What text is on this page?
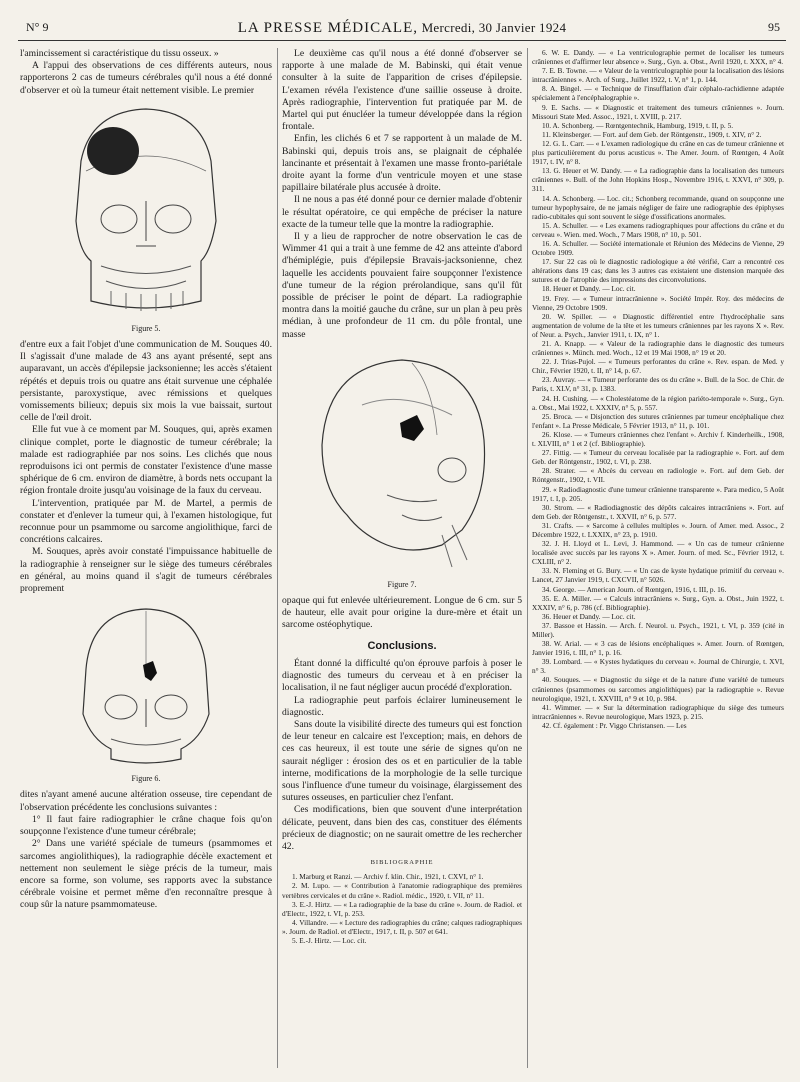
N° 9	LA PRESSE MÉDICALE, Mercredi, 30 Janvier 1924	95

l'amincissement si caractéristique du tissu osseux. »

A l'appui des observations de ces différents auteurs, nous rapporterons 2 cas de tumeurs cérébrales qu'il nous a été donné d'observer et où la tumeur était nettement visible. Le premier

Figure 5.

d'entre eux a fait l'objet d'une communication de M. Souques 40. Il s'agissait d'une malade de 43 ans ayant présenté, sept ans auparavant, un accès d'épilepsie jacksonienne; les accès s'étaient répétés et depuis trois ou quatre ans était survenue une céphalée persistante, paroxystique, avec rémissions et quelques vomissements bilieux; depuis six mois la vue baissait, surtout celle de l'œil droit.

Elle fut vue à ce moment par M. Souques, qui, après examen clinique complet, porte le diagnostic de tumeur cérébrale; la malade est radiographiée par nos soins. Les clichés que nous reproduisons ici ont permis de constater l'existence d'une masse sphérique de 6 cm. environ de diamètre, à bords nets occupant la région frontale droite jusqu'au voisinage de la faux du cerveau.

L'intervention, pratiquée par M. de Martel, a permis de constater et d'enlever la tumeur qui, à l'examen histologique, fut reconnue pour un psammome ou sarcome angiolithique, farci de concrétions calcaires.

M. Souques, après avoir constaté l'impuissance habituelle de la radiographie à renseigner sur le siège des tumeurs cérébrales en général, au moins quand il s'agit de tumeurs cérébrales proprement

Figure 6.

dites n'ayant amené aucune altération osseuse, tire cependant de l'observation précédente les conclusions suivantes :

1° Il faut faire radiographier le crâne chaque fois qu'on soupçonne l'existence d'une tumeur cérébrale;

2° Dans une variété spéciale de tumeurs (psammomes et sarcomes angiolithiques), la radiographie décèle exactement et nettement non seulement le siège précis de la tumeur, mais encore sa forme, son volume, ses rapports avec la substance cérébrale voisine et permet même d'en reconnaître presque à coup sûr la nature psammomateuse.

Le deuxième cas qu'il nous a été donné d'observer se rapporte à une malade de M. Babinski, qui était venue consulter à la suite de l'apparition de crises d'épilepsie. L'examen révéla l'existence d'une saillie osseuse à droite. Après radiographie, l'intervention fut pratiquée par M. de Martel qui put énucléer la tumeur développée dans la région frontale.

Enfin, les clichés 6 et 7 se rapportent à un malade de M. Babinski qui, depuis trois ans, se plaignait de céphalée lancinante et présentait à l'examen une masse fronto-pariétale droite ayant la forme d'un ventricule moyen et une stase papillaire bilatérale plus accusée à droite.

Il ne nous a pas été donné pour ce dernier malade d'obtenir le résultat opératoire, ce qui empêche de préciser la nature exacte de la tumeur telle que la montre la radiographie.

Il y a lieu de rapprocher de notre observation le cas de Wimmer 41 qui a trait à une femme de 42 ans atteinte d'abord d'hémiplégie, puis d'épilepsie Bravais-jacksonienne, chez laquelle les accidents pouvaient faire soupçonner l'existence d'une tumeur de la région prérolandique, sans qu'il fût possible de préciser le point de départ. La radiographie montra dans la moitié gauche du crâne, sur un plan à peu près médian, à une profondeur de 11 cm. du pôle frontal, une masse

Figure 7.

opaque qui fut enlevée ultérieurement. Longue de 6 cm. sur 5 de hauteur, elle avait pour origine la dure-mère et était un sarcome ostéophytique.

Conclusions.

Étant donné la difficulté qu'on éprouve parfois à poser le diagnostic des tumeurs du cerveau et à en préciser la localisation, il ne faut négliger aucun procédé d'exploration.

La radiographie peut parfois éclairer lumineusement le diagnostic.

Sans doute la visibilité directe des tumeurs qui est fonction de leur teneur en calcaire est l'exception; mais, en dehors de ces cas heureux, il est toute une série de signes qu'on ne saurait négliger : érosion des os et en particulier de la table interne, modifications de la morphologie de la selle turcique sous l'influence d'une tumeur du voisinage, élargissement des sutures osseuses, en particulier chez l'enfant.

Ces modifications, bien que souvent d'une interprétation délicate, peuvent, dans bien des cas, constituer des éléments précieux de diagnostic; on ne saurait omettre de les rechercher 42.

BIBLIOGRAPHIE
1. Marburg et Ranzi. — Archiv f. klin. Chir., 1921, t. CXVI, n° 1.
2. M. Lupo. — « Contribution à l'anatomie radiographique des premières vertèbres cervicales et du crâne ». Radiol. médic., 1920, t. VII, n° 11.
3. E.-J. Hirtz. — « La radiographie de la base du crâne ». Journ. de Radiol. et d'Electr., 1922, t. VI, p. 253.
4. Villandre. — « Lecture des radiographies du crâne; calques radiographiques ». Journ. de Radiol. et d'Electr., 1917, t. II, p. 507 et 641.
5. E.-J. Hirtz. — Loc. cit.
6. W. E. Dandy. — « La ventriculographie permet de localiser les tumeurs crâniennes et d'affirmer leur absence ». Surg., Gyn. a. Obst., Avril 1920, t. XXX, n° 4.
7. E. B. Towne. — « Valeur de la ventriculographie pour la localisation des lésions intracrâniennes ». Arch. of Surg., Juillet 1922, t. V, n° 1, p. 144.
8. A. Bingel. — « Technique de l'insufflation d'air céphalo-rachidienne adaptée spécialement à l'encéphalographie ».
9. E. Sachs. — « Diagnostic et traitement des tumeurs crâniennes ». Journ. Missouri State Med. Assoc., 1921, t. XVIII, p. 217.
10. A. Schonberg. — Rœntgentechnik, Hamburg, 1919, t. II, p. 5.
11. Kleinsberger. — Fort. auf dem Geb. der Röntgenstr., 1909, t. XIV, n° 2.
12. G. L. Carr. — « L'examen radiologique du crâne en cas de tumeur crânienne et plus particulièrement du porus acusticus ». The Amer. Journ. of Rœntgen, 4 Août 1917, t. IV, n° 8.
13. G. Heuer et W. Dandy. — « La radiographie dans la localisation des tumeurs crâniennes ». Bull. of the John Hopkins Hosp., Novembre 1916, t. XXVI, n° 309, p. 311.
14. A. Schonberg. — Loc. cit.; Schonberg recommande, quand on soupçonne une tumeur hypophysaire, de ne jamais négliger de faire une radiographie des épiphyses radio-cubitales qui sont souvent le siège d'ossifications anormales.
15. A. Schuller. — « Les examens radiographiques pour affections du crâne et du cerveau ». Wien. med. Woch., 7 Mars 1908, n° 10, p. 501.
16. A. Schuller. — Société internationale et Réunion des Médecins de Vienne, 29 Octobre 1909.
17. Sur 22 cas où le diagnostic radiologique a été vérifié, Carr a rencontré ces altérations dans 19 cas; dans les 3 autres cas existaient une distension marquée des sutures et de l'atrophie des impressions des circonvolutions.
18. Heuer et Dandy. — Loc. cit.
19. Frey. — « Tumeur intracrânienne ». Société Impér. Roy. des médecins de Vienne, 29 Octobre 1909.
20. W. Spiller. — « Diagnostic différentiel entre l'hydrocéphalie sans augmentation de volume de la tête et les tumeurs crâniennes par les rayons X ». Rev. of Neur. a. Psych., Janvier 1911, t. IX, n° 1.
21. A. Knapp. — « Valeur de la radiographie dans le diagnostic des tumeurs crâniennes ». Münch. med. Woch., 12 et 19 Mai 1908, n° 19 et 20.
22. J. Trias-Pujol. — « Tumeurs perforantes du crâne ». Rev. espan. de Med. y Chir., Février 1920, t. II, n° 14, p. 67.
23. Auvray. — « Tumeur perforante des os du crâne ». Bull. de la Soc. de Chir. de Paris, t. XLV, n° 31, p. 1383.
24. H. Cushing. — « Cholestéatome de la région pariéto-temporale ». Surg., Gyn. a. Obst., Mai 1922, t. XXXIV, n° 5, p. 557.
25. Broca. — « Disjonction des sutures crâniennes par tumeur encéphalique chez l'enfant ». La Presse Médicale, 5 Février 1913, n° 11, p. 101.
26. Klose. — « Tumeurs crâniennes chez l'enfant ». Archiv f. Kinderheilk., 1908, t. XLVIII, n° 1 et 2 (cf. Bibliographie).
27. Fittig. — « Tumeur du cerveau localisée par la radiographie ». Fort. auf dem Geb. der Röntgenstr., 1902, t. VI, p. 238.
28. Strater. — « Abcès du cerveau en radiologie ». Fort. auf dem Geb. der Röntgenstr., 1902, t. VII.
29. « Radiodiagnostic d'une tumeur crânienne transparente ». Para medico, 5 Août 1917, t. I, p. 205.
30. Strom. — « Radiodiagnostic des dépôts calcaires intracrâniens ». Fort. auf dem Geb. der Röntgenstr., t. XXVII, n° 6, p. 577.
31. Crafts. — « Sarcome à cellules multiples ». Journ. of Amer. med. Assoc., 2 Décembre 1922, t. LXXIX, n° 23, p. 1910.
32. J. H. Lloyd et L. Levi, J. Hammond. — « Un cas de tumeur crânienne localisée avec succès par les rayons X ». Amer. Journ. of med. Sc., Février 1912, t. CXLIII, n° 2.
33. N. Fleming et G. Bury. — « Un cas de kyste hydatique primitif du cerveau ». Lancet, 27 Janvier 1919, t. CXCVII, n° 5026.
34. George. — American Journ. of Rœntgen, 1916, t. III, p. 16.
35. E. A. Miller. — « Calculs intracrâniens ». Surg., Gyn. a. Obst., Juin 1922, t. XXXIV, n° 6, p. 786 (cf. Bibliographie).
36. Heuer et Dandy. — Loc. cit.
37. Bassoe et Hassin. — Arch. f. Neurol. u. Psych., 1921, t. VI, p. 359 (cité in Miller).
38. W. Arial. — « 3 cas de lésions encéphaliques ». Amer. Journ. of Rœntgen, Janvier 1916, t. III, n° 1, p. 16.
39. Lombard. — « Kystes hydatiques du cerveau ». Journal de Chirurgie, t. XVI, n° 3.
40. Souques. — « Diagnostic du siège et de la nature d'une variété de tumeurs crâniennes (psammomes ou sarcomes angiolithiques) par la radiographie ». Revue neurologique, 1921, t. XXVIII, n° 9 et 10, p. 984.
41. Wimmer. — « Sur la détermination radiographique du siège des tumeurs intracrâniennes ». Revue neurologique, Mars 1923, p. 215.
42. Cf. également : Pr. Viggo Christansen. — Les
